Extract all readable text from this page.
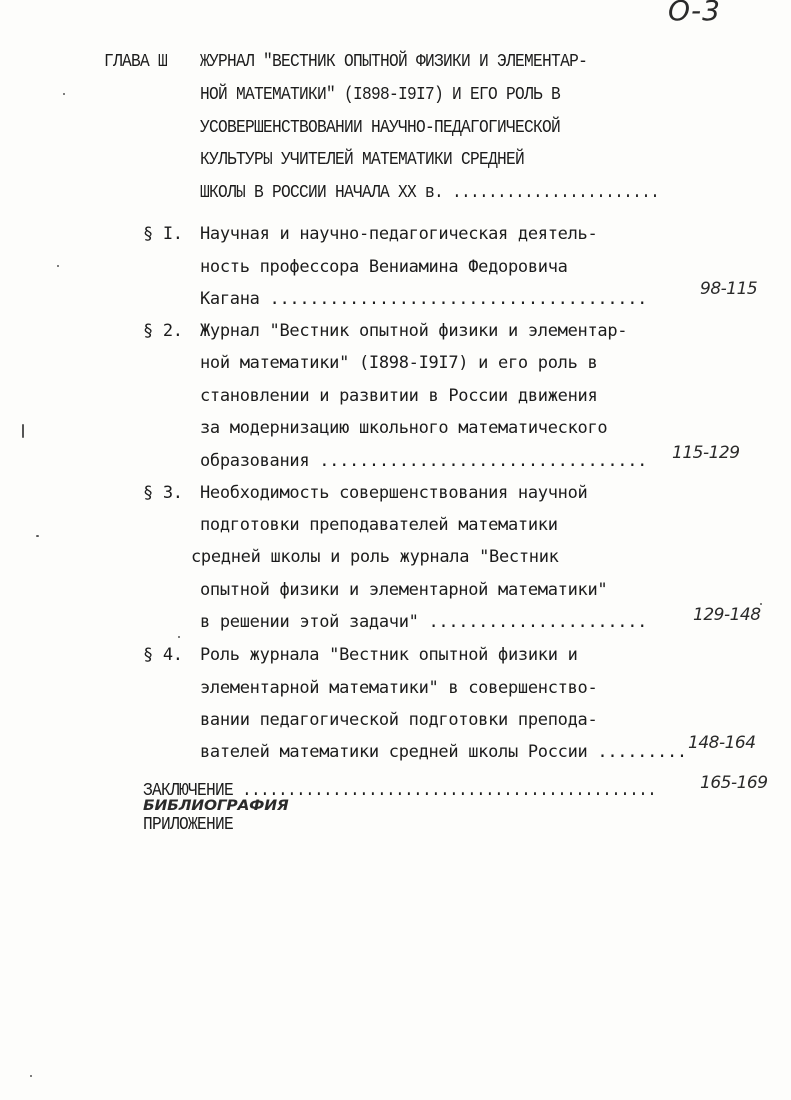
О-3
ГЛАВА Ш ЖУРНАЛ "ВЕСТНИК ОПЫТНОЙ ФИЗИКИ И ЭЛЕМЕНТАР-
НОЙ МАТЕМАТИКИ" (I898-I9I7) И ЕГО РОЛЬ В
УСОВЕРШЕНСТВОВАНИИ НАУЧНО-ПЕДАГОГИЧЕСКОЙ
КУЛЬТУРЫ УЧИТЕЛЕЙ МАТЕМАТИКИ СРЕДНЕЙ
ШКОЛЫ В РОССИИ НАЧАЛА XX в. .......................
§ I. Научная и научно-педагогическая деятель-
ность профессора Вениамина Федоровича
Кагана ......................................	98-115
§ 2. Журнал "Вестник опытной физики и элементар-
ной математики" (I898-I9I7) и его роль в
становлении и развитии в России движения
за модернизацию школьного математического
образования ................................. 115-129
§ 3. Необходимость совершенствования научной
подготовки преподавателей математики
средней школы и роль журнала "Вестник
опытной физики и элементарной математики"
в решении этой задачи" ......................	129-148
§ 4. Роль журнала "Вестник опытной физики и
элементарной математики" в совершенство-
вании педагогической подготовки препода-
вателей математики средней школы России ......... 148-164
ЗАКЛЮЧЕНИЕ ..............................................	165-169
БИБЛИОГРАФИЯ
ПРИЛОЖЕНИЕ
